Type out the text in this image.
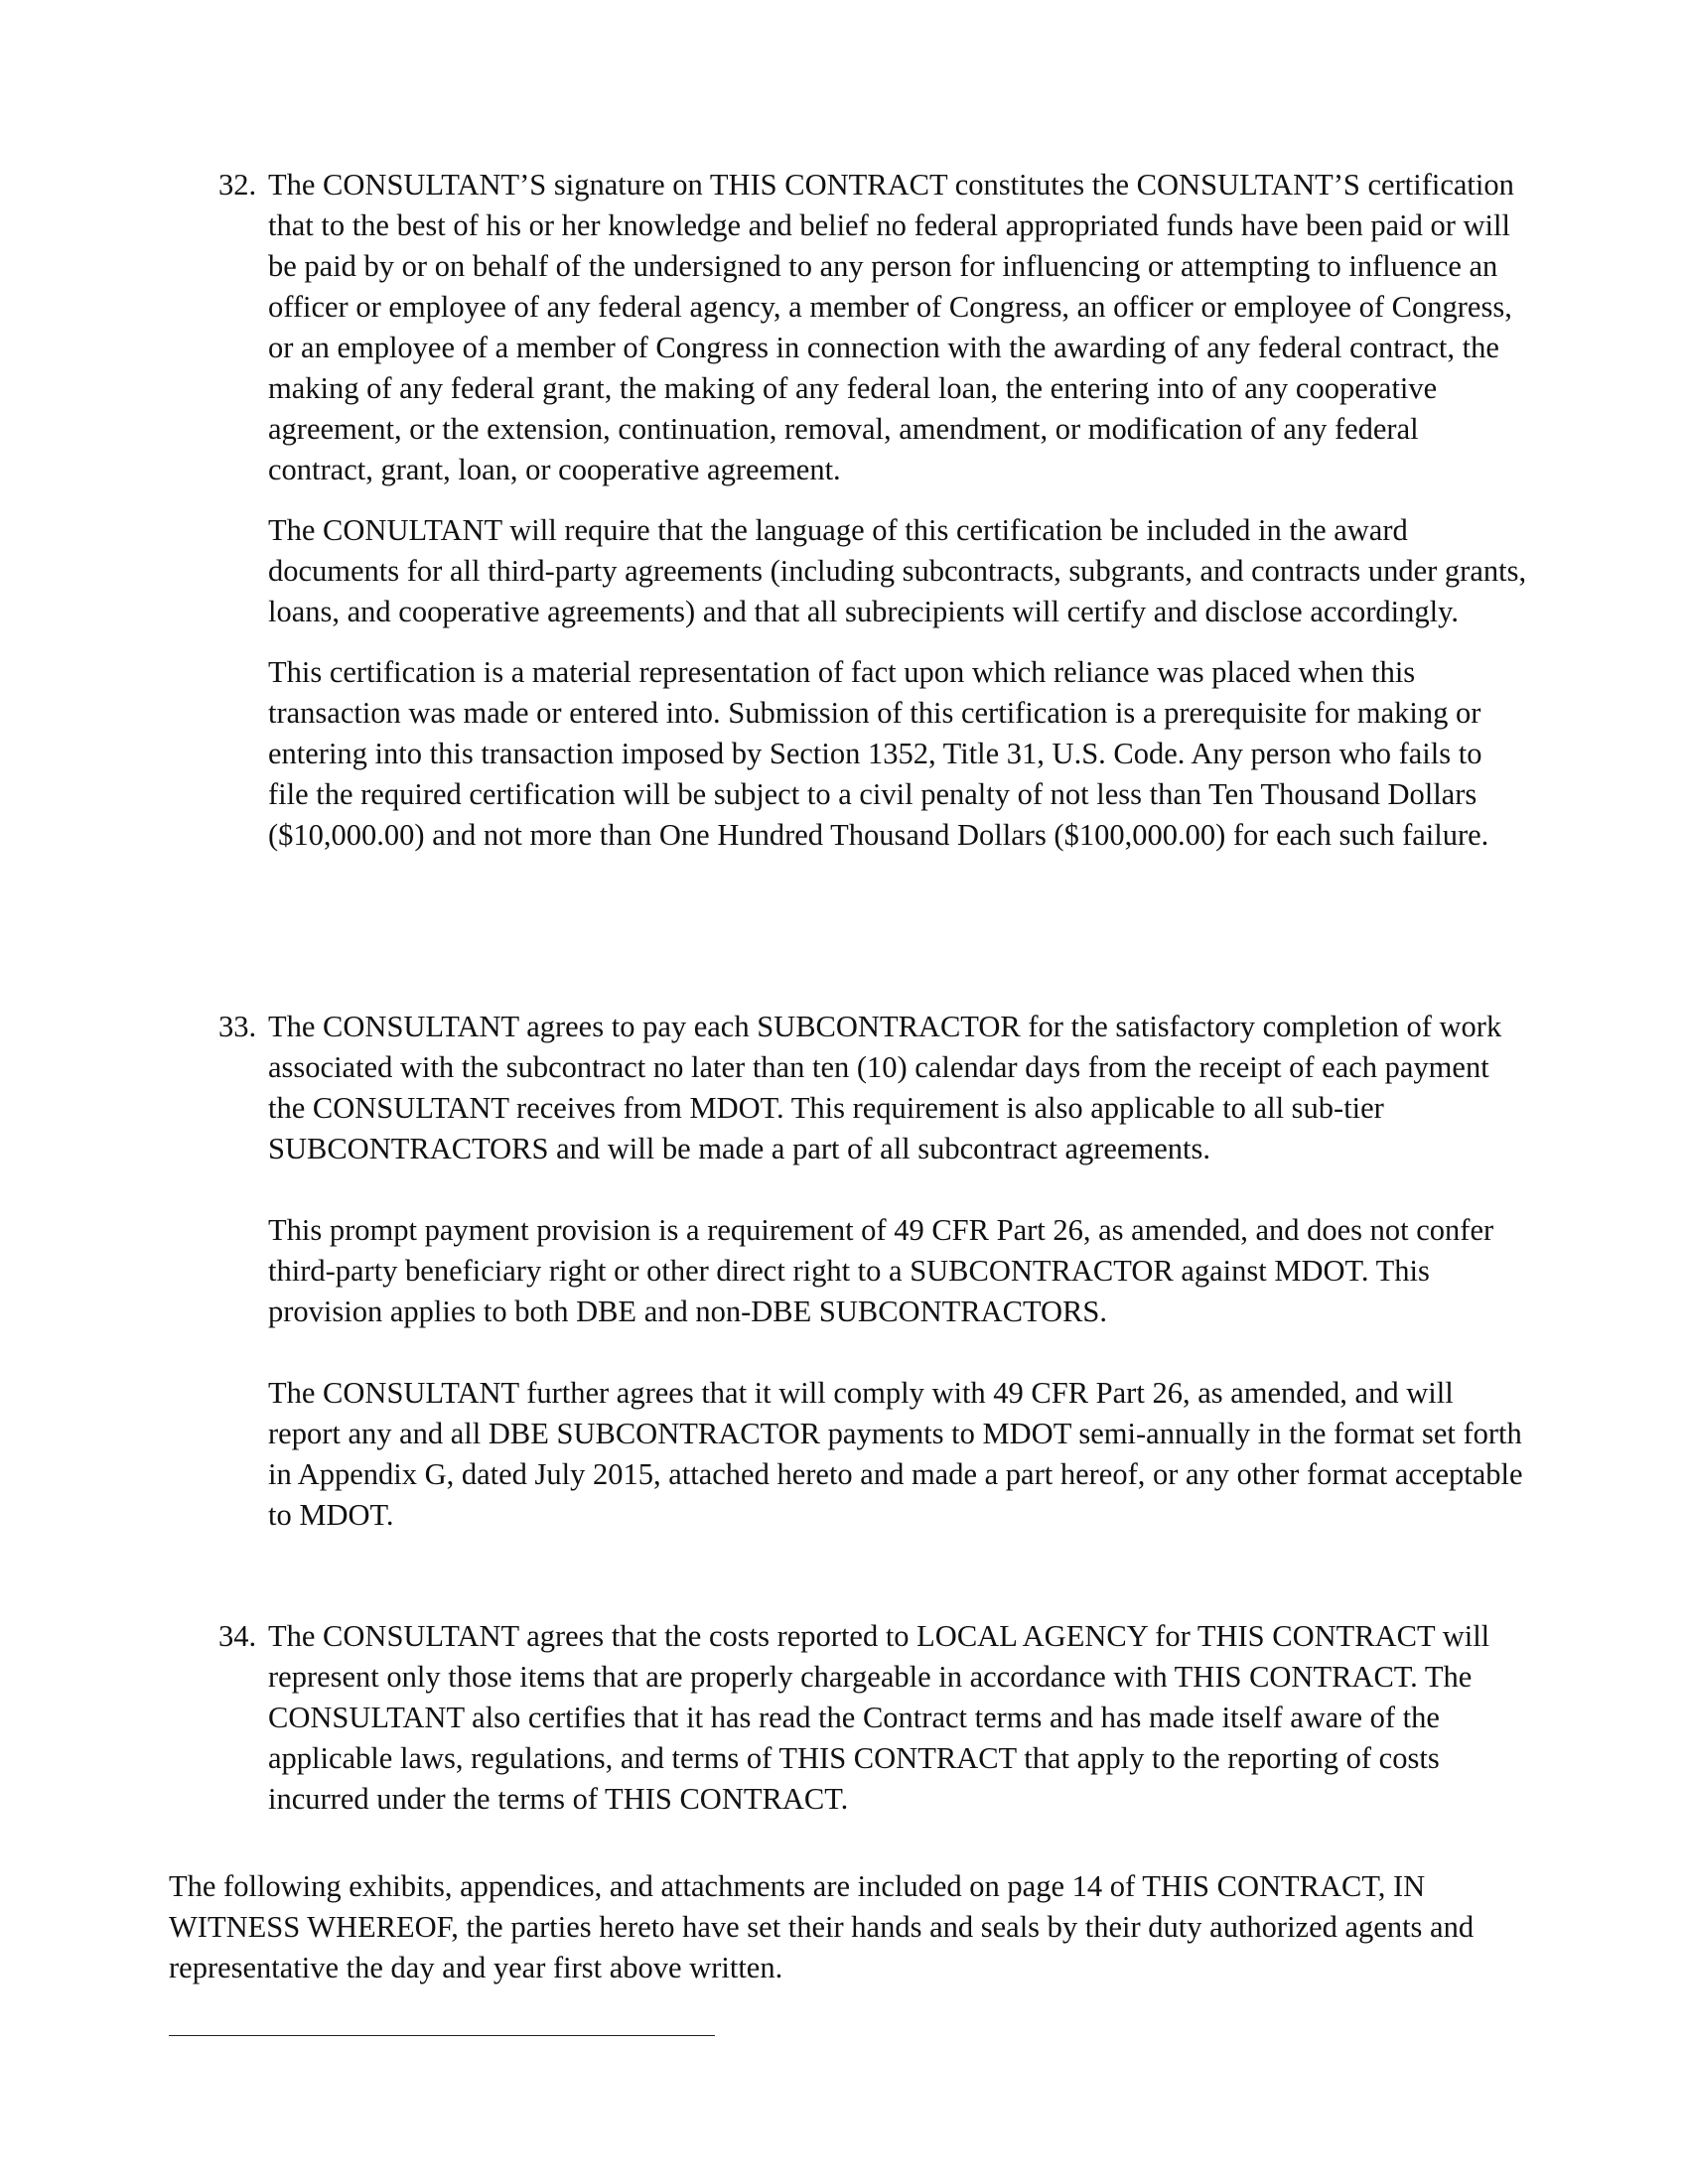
32. The CONSULTANT’S signature on THIS CONTRACT constitutes the CONSULTANT’S certification that to the best of his or her knowledge and belief no federal appropriated funds have been paid or will be paid by or on behalf of the undersigned to any person for influencing or attempting to influence an officer or employee of any federal agency, a member of Congress, an officer or employee of Congress, or an employee of a member of Congress in connection with the awarding of any federal contract, the making of any federal grant, the making of any federal loan, the entering into of any cooperative agreement, or the extension, continuation, removal, amendment, or modification of any federal contract, grant, loan, or cooperative agreement.

The CONULTANT will require that the language of this certification be included in the award documents for all third-party agreements (including subcontracts, subgrants, and contracts under grants, loans, and cooperative agreements) and that all subrecipients will certify and disclose accordingly.

This certification is a material representation of fact upon which reliance was placed when this transaction was made or entered into. Submission of this certification is a prerequisite for making or entering into this transaction imposed by Section 1352, Title 31, U.S. Code. Any person who fails to file the required certification will be subject to a civil penalty of not less than Ten Thousand Dollars ($10,000.00) and not more than One Hundred Thousand Dollars ($100,000.00) for each such failure.

33. The CONSULTANT agrees to pay each SUBCONTRACTOR for the satisfactory completion of work associated with the subcontract no later than ten (10) calendar days from the receipt of each payment the CONSULTANT receives from MDOT. This requirement is also applicable to all sub-tier SUBCONTRACTORS and will be made a part of all subcontract agreements.

This prompt payment provision is a requirement of 49 CFR Part 26, as amended, and does not confer third-party beneficiary right or other direct right to a SUBCONTRACTOR against MDOT. This provision applies to both DBE and non-DBE SUBCONTRACTORS.

The CONSULTANT further agrees that it will comply with 49 CFR Part 26, as amended, and will report any and all DBE SUBCONTRACTOR payments to MDOT semi-annually in the format set forth in Appendix G, dated July 2015, attached hereto and made a part hereof, or any other format acceptable to MDOT.

34. The CONSULTANT agrees that the costs reported to LOCAL AGENCY for THIS CONTRACT will represent only those items that are properly chargeable in accordance with THIS CONTRACT. The CONSULTANT also certifies that it has read the Contract terms and has made itself aware of the applicable laws, regulations, and terms of THIS CONTRACT that apply to the reporting of costs incurred under the terms of THIS CONTRACT.

The following exhibits, appendices, and attachments are included on page 14 of THIS CONTRACT, IN WITNESS WHEREOF, the parties hereto have set their hands and seals by their duty authorized agents and representative the day and year first above written.
